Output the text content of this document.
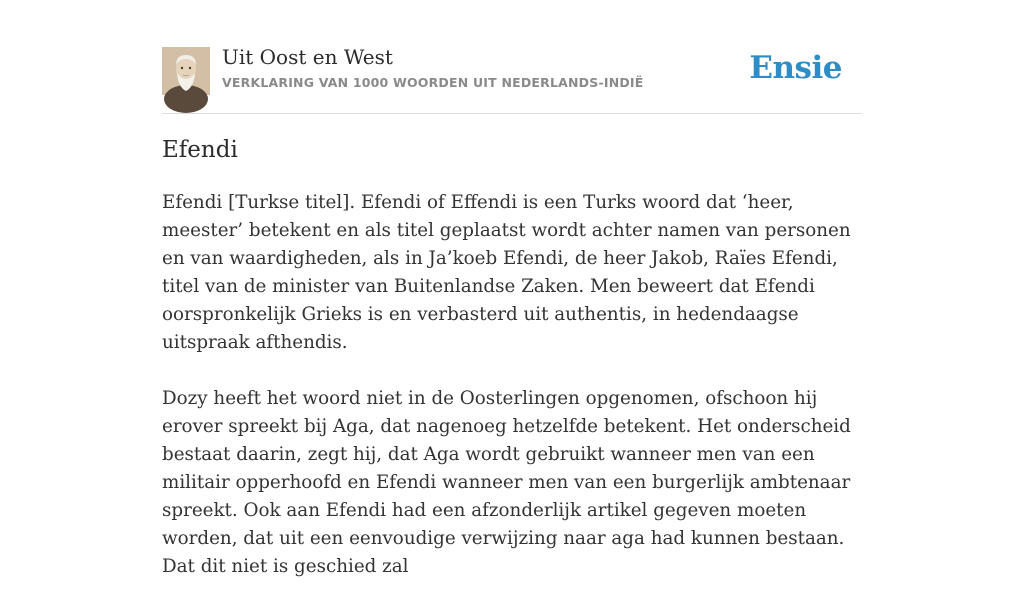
Uit Oost en West
VERKLARING VAN 1000 WOORDEN UIT NEDERLANDS-INDIË	Ensie
Efendi

Efendi [Turkse titel]. Efendi of Effendi is een Turks woord dat ‘heer, meester’ betekent en als titel geplaatst wordt achter namen van personen en van waardigheden, als in Ja’koeb Efendi, de heer Jakob, Raïes Efendi, titel van de minister van Buitenlandse Zaken. Men beweert dat Efendi oorspronkelijk Grieks is en verbasterd uit authentis, in hedendaagse uitspraak afthendis.

Dozy heeft het woord niet in de Oosterlingen opgenomen, ofschoon hij erover spreekt bij Aga, dat nagenoeg hetzelfde betekent. Het onderscheid bestaat daarin, zegt hij, dat Aga wordt gebruikt wanneer men van een militair opperhoofd en Efendi wanneer men van een burgerlijk ambtenaar spreekt. Ook aan Efendi had een afzonderlijk artikel gegeven moeten worden, dat uit een eenvoudige verwijzing naar aga had kunnen bestaan. Dat dit niet is geschied zal
